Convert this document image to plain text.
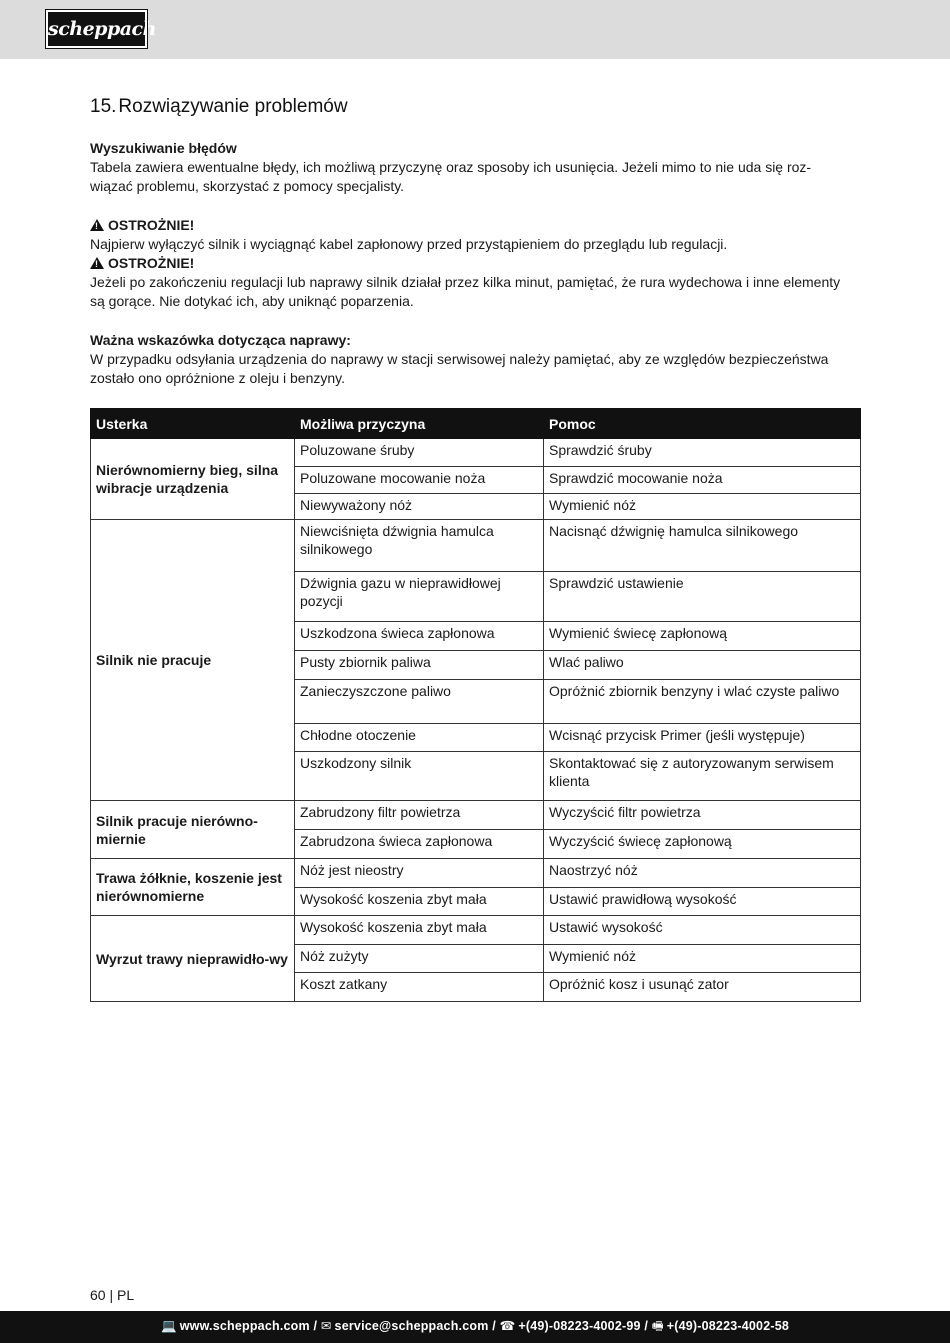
scheppach
15. Rozwiązywanie problemów

Wyszukiwanie błędów

Tabela zawiera ewentualne błędy, ich możliwą przyczynę oraz sposoby ich usunięcia. Jeżeli mimo to nie uda się roz-

wiązać problemu, skorzystać z pomocy specjalisty.

!OSTROŻNIE!

Najpierw wyłączyć silnik i wyciągnąć kabel zapłonowy przed przystąpieniem do przeglądu lub regulacji.

!OSTROŻNIE!

Jeżeli po zakończeniu regulacji lub naprawy silnik działał przez kilka minut, pamiętać, że rura wydechowa i inne elementy

są gorące. Nie dotykać ich, aby uniknąć poparzenia.

Ważna wskazówka dotycząca naprawy:

W przypadku odsyłania urządzenia do naprawy w stacji serwisowej należy pamiętać, aby ze względów bezpieczeństwa

zostało ono opróżnione z oleju i benzyny.

Usterka	Możliwa przyczyna	Pomoc
Nierównomierny bieg, silna wibracje urządzenia	Poluzowane śruby	Sprawdzić śruby
	Poluzowane mocowanie noża	Sprawdzić mocowanie noża
	Niewyważony nóż	Wymienić nóż
Silnik nie pracuje	Niewciśnięta dźwignia hamulca silnikowego	Nacisnąć dźwignię hamulca silnikowego
	Dźwignia gazu w nieprawidłowej pozycji	Sprawdzić ustawienie
	Uszkodzona świeca zapłonowa	Wymienić świecę zapłonową
	Pusty zbiornik paliwa	Wlać paliwo
	Zanieczyszczone paliwo	Opróżnić zbiornik benzyny i wlać czyste paliwo
	Chłodne otoczenie	Wcisnąć przycisk Primer (jeśli występuje)
	Uszkodzony silnik	Skontaktować się z autoryzowanym serwisem klienta
Silnik pracuje nierówno-miernie	Zabrudzony filtr powietrza	Wyczyścić filtr powietrza
	Zabrudzona świeca zapłonowa	Wyczyścić świecę zapłonową
Trawa żółknie, koszenie jest nierównomierne	Nóż jest nieostry	Naostrzyć nóż
	Wysokość koszenia zbyt mała	Ustawić prawidłową wysokość
Wyrzut trawy nieprawidło-wy	Wysokość koszenia zbyt mała	Ustawić wysokość
	Nóż zużyty	Wymienić nóż
	Koszt zatkany	Opróżnić kosz i usunąć zator
60 | PL
💻 www.scheppach.com / ✉ service@scheppach.com / ☎ +(49)-08223-4002-99 / 🖷 +(49)-08223-4002-58
